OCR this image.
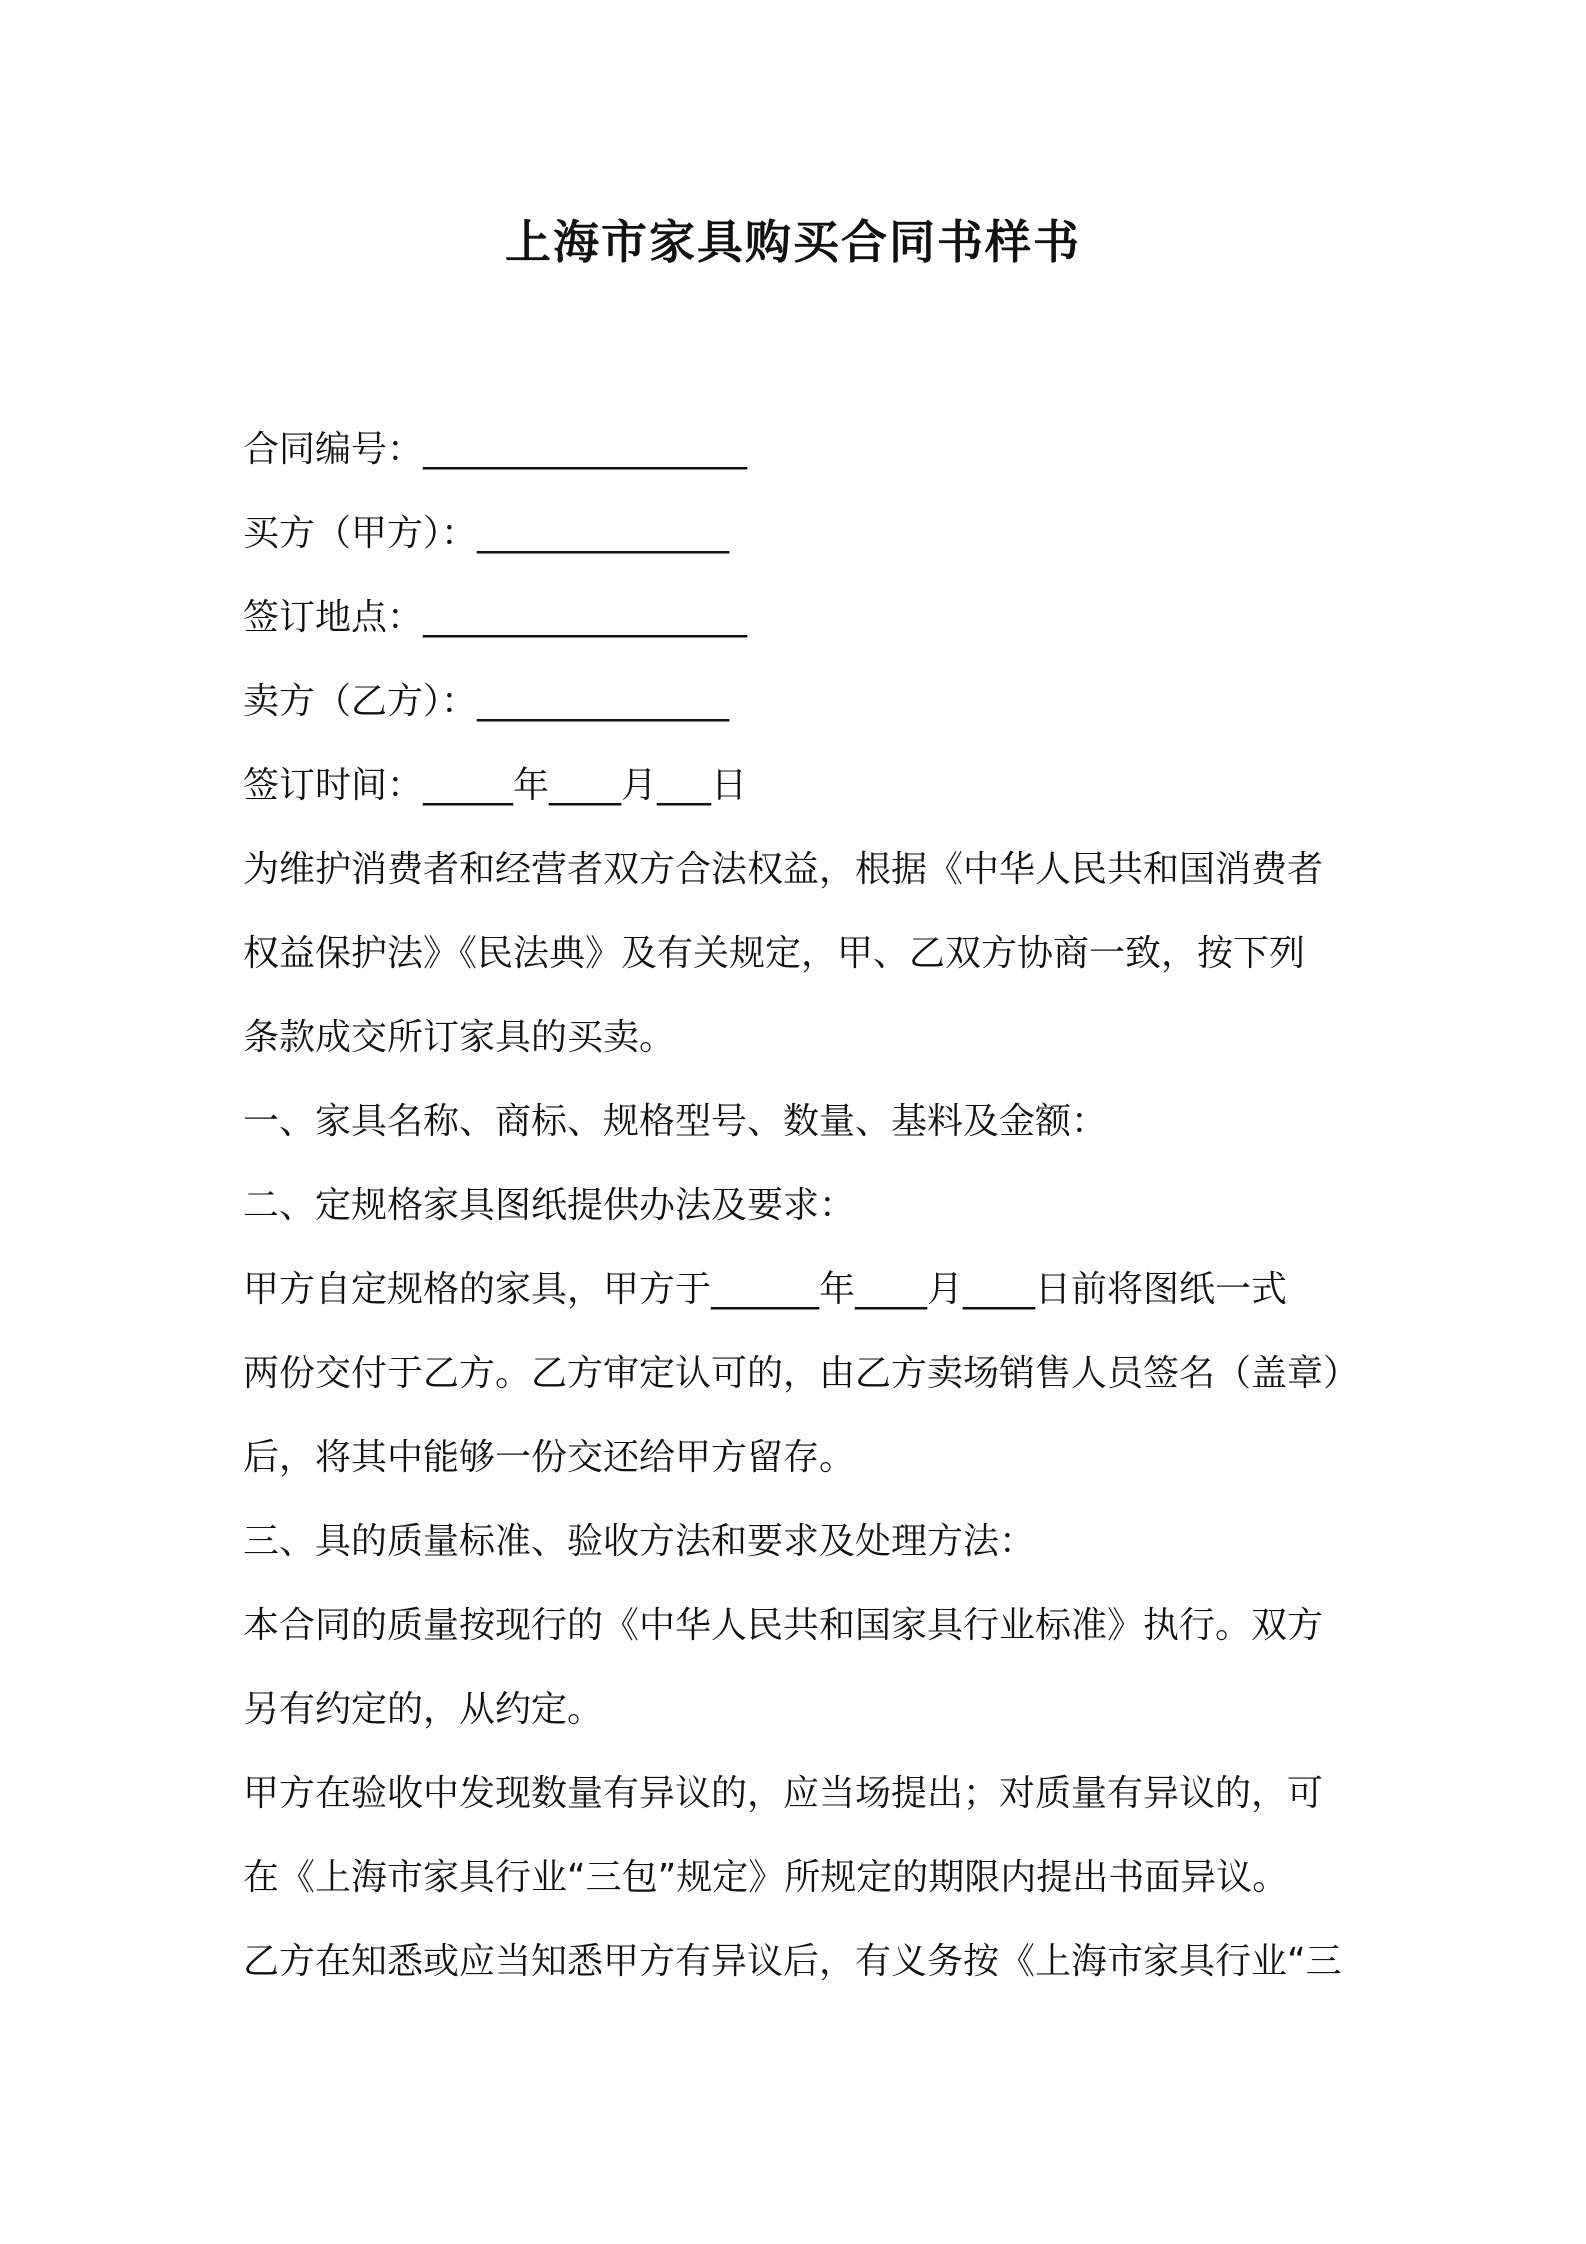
上海市家具购买合同书样书

合同编号：__________________

买方（甲方）：______________

签订地点：__________________

卖方（乙方）：______________

签订时间：_____年____月___日

为维护消费者和经营者双方合法权益，根据《中华人民共和国消费者

权益保护法》《民法典》及有关规定，甲、乙双方协商一致，按下列

条款成交所订家具的买卖。

一、家具名称、商标、规格型号、数量、基料及金额：

二、定规格家具图纸提供办法及要求：

甲方自定规格的家具，甲方于______年____月____日前将图纸一式

两份交付于乙方。乙方审定认可的，由乙方卖场销售人员签名（盖章）

后，将其中能够一份交还给甲方留存。

三、具的质量标准、验收方法和要求及处理方法：

本合同的质量按现行的《中华人民共和国家具行业标准》执行。双方

另有约定的，从约定。

甲方在验收中发现数量有异议的，应当场提出；对质量有异议的，可

在《上海市家具行业“三包”规定》所规定的期限内提出书面异议。

乙方在知悉或应当知悉甲方有异议后，有义务按《上海市家具行业“三
